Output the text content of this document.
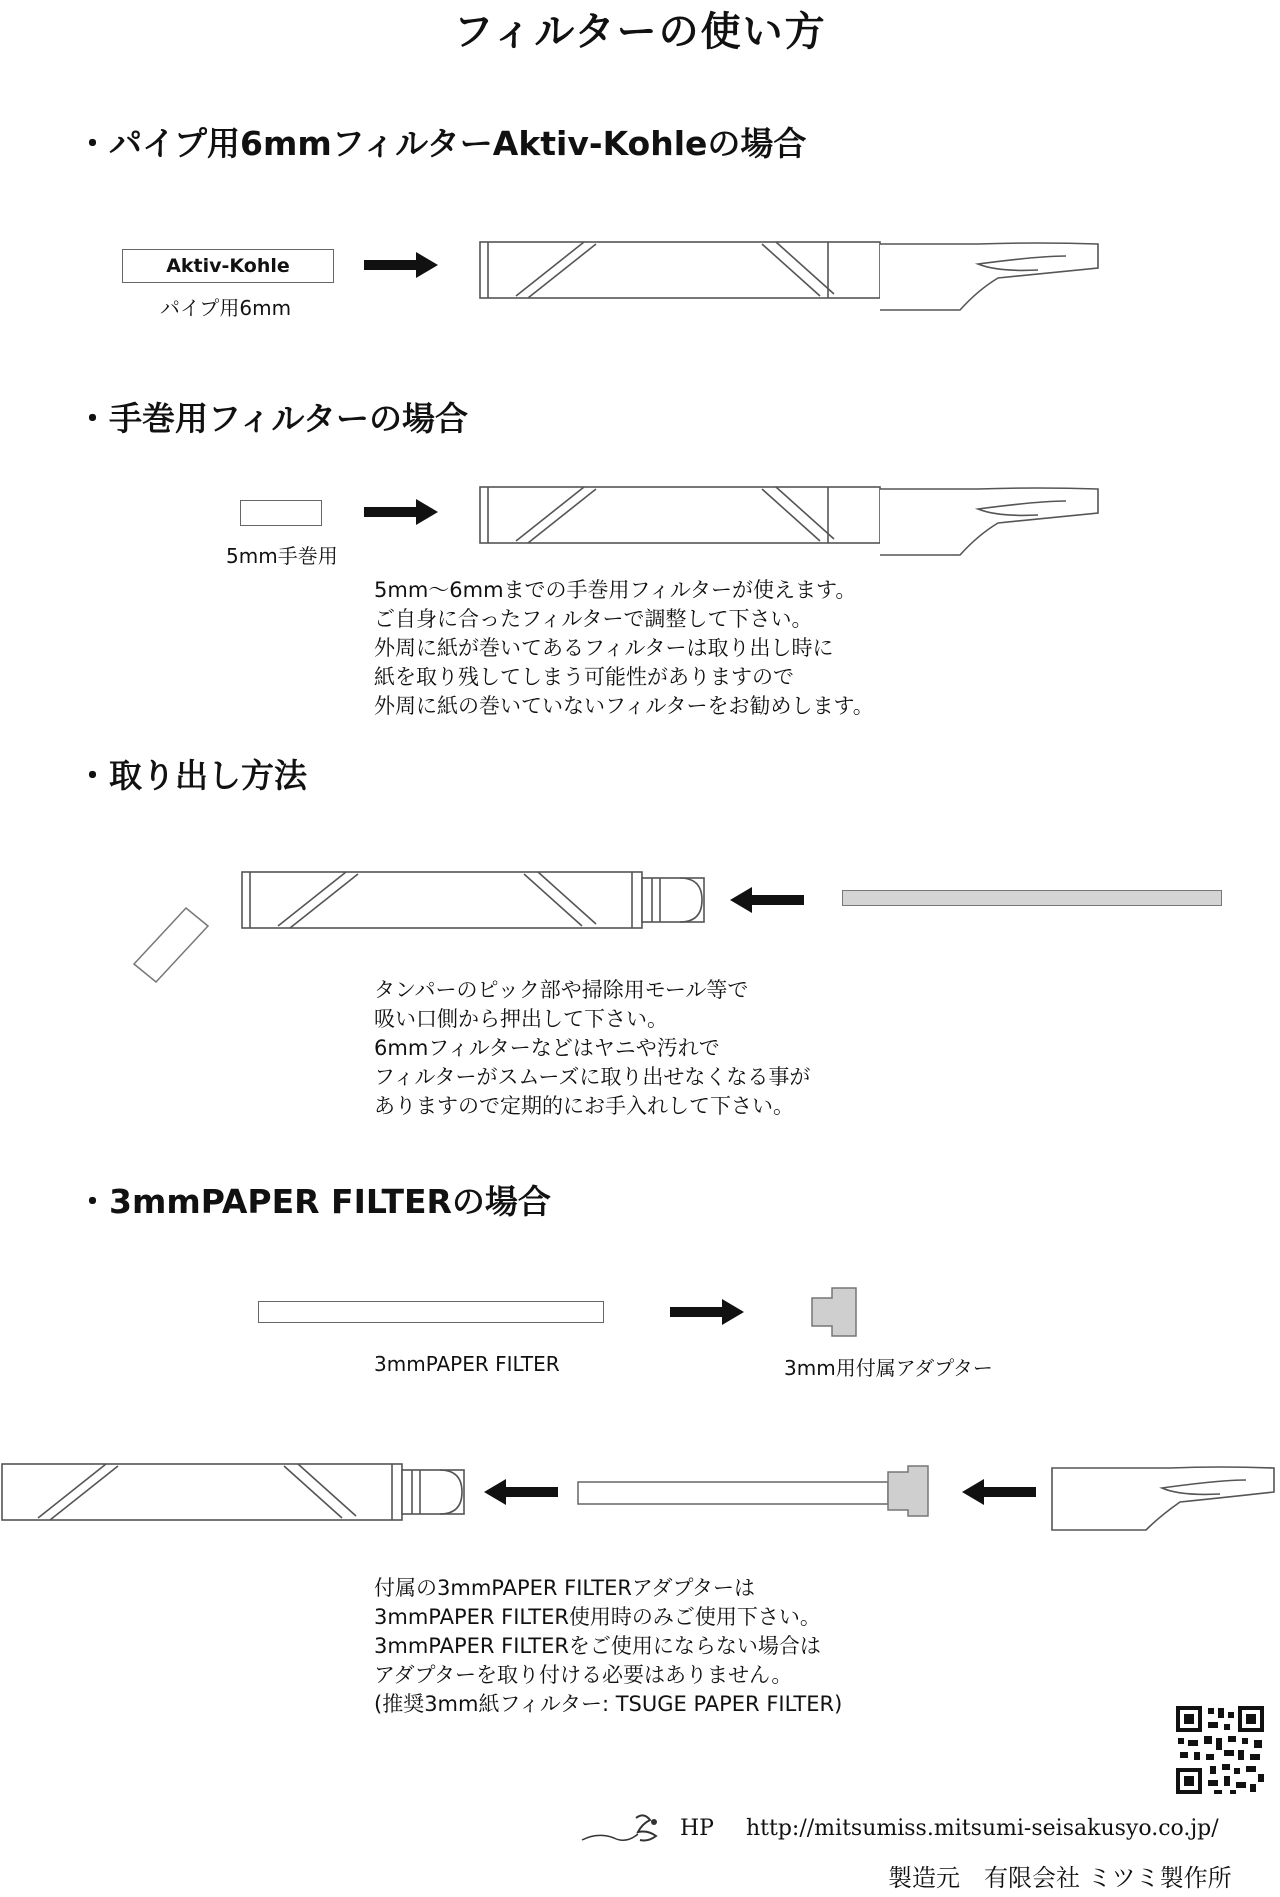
フィルターの使い方
・パイプ用6mmフィルターAktiv-Kohleの場合
Aktiv-Kohle
パイプ用6mm
・手巻用フィルターの場合
5mm手巻用
5mm〜6mmまでの手巻用フィルターが使えます。
ご自身に合ったフィルターで調整して下さい。
外周に紙が巻いてあるフィルターは取り出し時に
紙を取り残してしまう可能性がありますので
外周に紙の巻いていないフィルターをお勧めします。
・取り出し方法
タンパーのピック部や掃除用モール等で
吸い口側から押出して下さい。
6mmフィルターなどはヤニや汚れで
フィルターがスムーズに取り出せなくなる事が
ありますので定期的にお手入れして下さい。
・3mmPAPER FILTERの場合
3mmPAPER FILTER	3mm用付属アダプター
付属の3mmPAPER FILTERアダプターは
3mmPAPER FILTER使用時のみご使用下さい。
3mmPAPER FILTERをご使用にならない場合は
アダプターを取り付ける必要はありません。
(推奨3mm紙フィルター: TSUGE PAPER FILTER)
HP http://mitsumiss.mitsumi-seisakusyo.co.jp/
製造元　有限会社 ミツミ製作所
